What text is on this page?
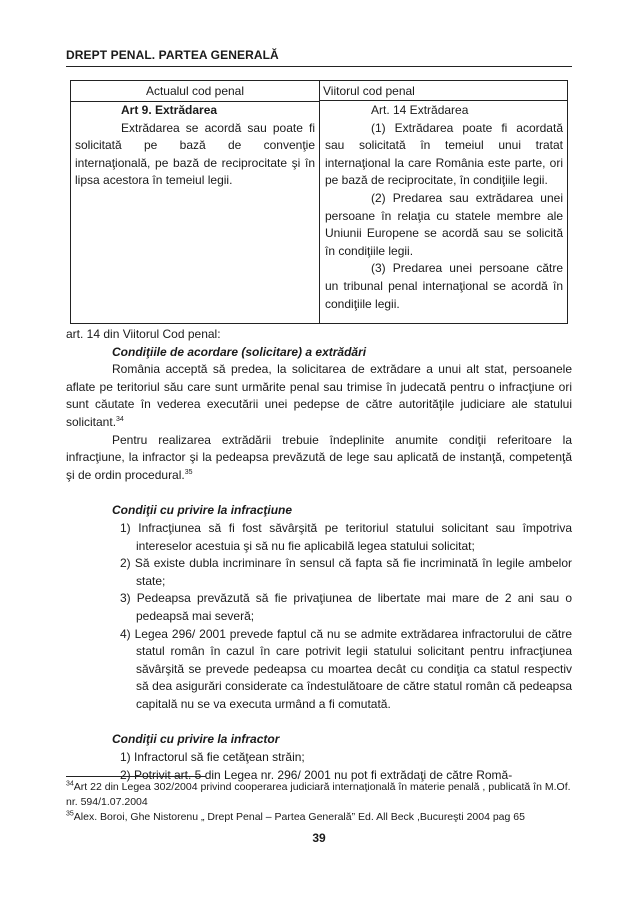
DREPT PENAL. PARTEA GENERALĂ
Actualul cod penal	Viitorul cod penal

Art 9. Extrădarea

Extrădarea se acordă sau poate fi solicitată pe bază de convenţie internaţională, pe bază de reciprocitate şi în lipsa acestora în temeiul legii.

Art. 14 Extrădarea

(1) Extrădarea poate fi acordată sau solicitată în temeiul unui tratat internaţional la care România este parte, ori pe bază de reciprocitate, în condiţiile legii.

(2) Predarea sau extrădarea unei persoane în relaţia cu statele membre ale Uniunii Europene se acordă sau se solicită în condiţiile legii.

(3) Predarea unei persoane către un tribunal penal internaţional se acordă în condiţiile legii.

art. 14 din Viitorul Cod penal:

Condiţiile de acordare (solicitare) a extrădări

România acceptă să predea, la solicitarea de extrădare a unui alt stat, persoanele aflate pe teritoriul său care sunt urmărite penal sau trimise în judecată pentru o infracţiune ori sunt căutate în vederea executării unei pedepse de către autorităţile judiciare ale statului solicitant.$^{34}$

Pentru realizarea extrădării trebuie îndeplinite anumite condiţii referitoare la infracţiune, la infractor şi la pedeapsa prevăzută de lege sau aplicată de instanţă, competenţă şi de ordin procedural.$^{35}$

Condiţii cu privire la infracţiune

1) Infracţiunea să fi fost săvârşită pe teritoriul statului solicitant sau împotriva intereselor acestuia şi să nu fie aplicabilă legea statului solicitat;

2) Să existe dubla incriminare în sensul că fapta să fie incriminată în legile ambelor state;

3) Pedeapsa prevăzută să fie privaţiunea de libertate mai mare de 2 ani sau o pedeapsă mai severă;

4) Legea 296/ 2001 prevede faptul că nu se admite extrădarea infractorului de către statul român în cazul în care potrivit legii statului solicitant pentru infracţiunea săvârşită se prevede pedeapsa cu moartea decât cu condiţia ca statul respectiv să dea asigurări considerate ca îndestulătoare de către statul român că pedeapsa capitală nu se va executa urmând a fi comutată.

Condiţii cu privire la infractor

1) Infractorul să fie cetăţean străin;

2) Potrivit art. 5 din Legea nr. 296/ 2001 nu pot fi extrădaţi de către Romă-

$^{34}$Art 22 din Legea 302/2004 privind cooperarea judiciară internaţională în materie penală , publicată în M.Of. nr. 594/1.07.2004

$^{35}$Alex. Boroi, Ghe Nistorenu „ Drept Penal – Partea Generală” Ed. All Beck ,Bucureşti 2004 pag 65

39
